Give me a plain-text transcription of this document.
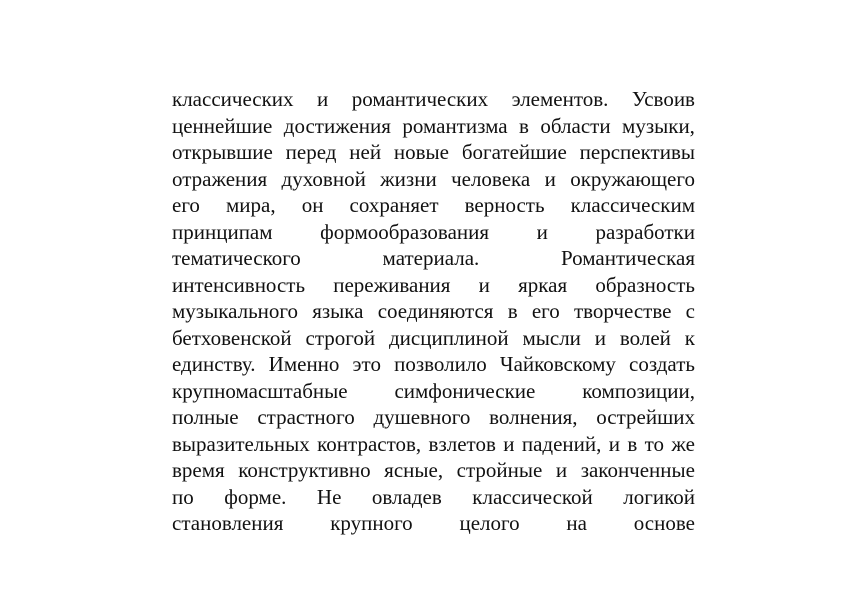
классических и романтических элементов. Усвоив
ценнейшие достижения романтизма в области музыки,
открывшие перед ней новые богатейшие перспективы
отражения духовной жизни человека и окружающего
его мира, он сохраняет верность классическим
принципам формообразования и разработки
тематического	материала.	Романтическая
интенсивность переживания и яркая образность
музыкального языка соединяются в его творчестве с
бетховенской строгой дисциплиной мысли и волей к
единству. Именно это позволило Чайковскому создать
крупномасштабные симфонические композиции,
полные страстного душевного волнения, острейших
выразительных контрастов, взлетов и падений, и в то же
время конструктивно ясные, стройные и законченные
по форме. Не овладев классической логикой
становления крупного целого на основе
